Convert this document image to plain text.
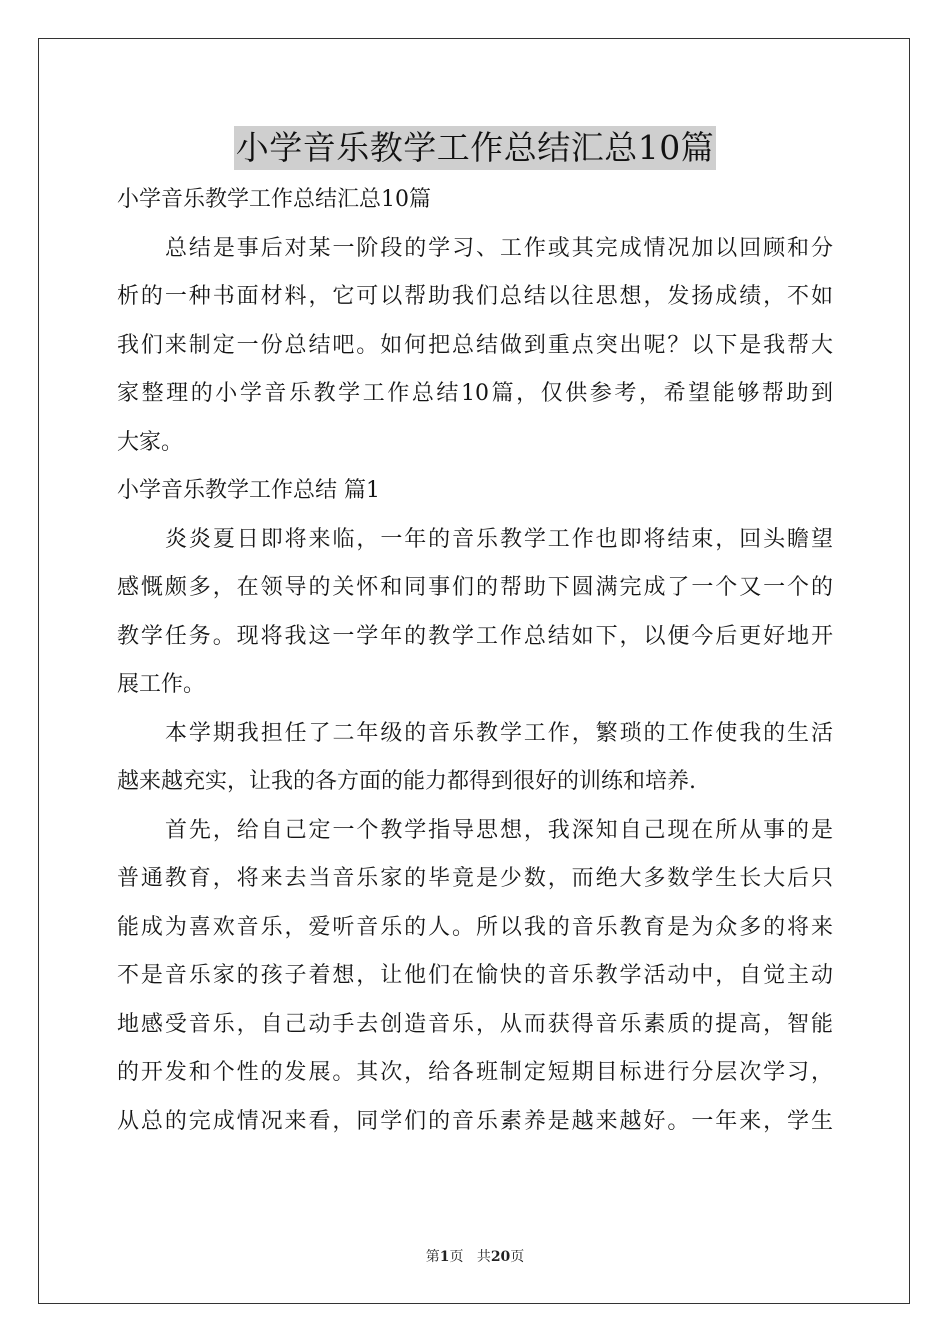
小学音乐教学工作总结汇总10篇
小学音乐教学工作总结汇总10篇
总结是事后对某一阶段的学习、工作或其完成情况加以回顾和分
析的一种书面材料，它可以帮助我们总结以往思想，发扬成绩，不如
我们来制定一份总结吧。如何把总结做到重点突出呢？以下是我帮大
家整理的小学音乐教学工作总结10篇，仅供参考，希望能够帮助到
大家。
小学音乐教学工作总结 篇1
炎炎夏日即将来临，一年的音乐教学工作也即将结束，回头瞻望
感慨颇多，在领导的关怀和同事们的帮助下圆满完成了一个又一个的
教学任务。现将我这一学年的教学工作总结如下，以便今后更好地开
展工作。
本学期我担任了二年级的音乐教学工作，繁琐的工作使我的生活
越来越充实，让我的各方面的能力都得到很好的训练和培养.
首先，给自己定一个教学指导思想，我深知自己现在所从事的是
普通教育，将来去当音乐家的毕竟是少数，而绝大多数学生长大后只
能成为喜欢音乐，爱听音乐的人。所以我的音乐教育是为众多的将来
不是音乐家的孩子着想，让他们在愉快的音乐教学活动中，自觉主动
地感受音乐，自己动手去创造音乐，从而获得音乐素质的提高，智能
的开发和个性的发展。其次，给各班制定短期目标进行分层次学习，
从总的完成情况来看，同学们的音乐素养是越来越好。一年来，学生
第1页 共20页
